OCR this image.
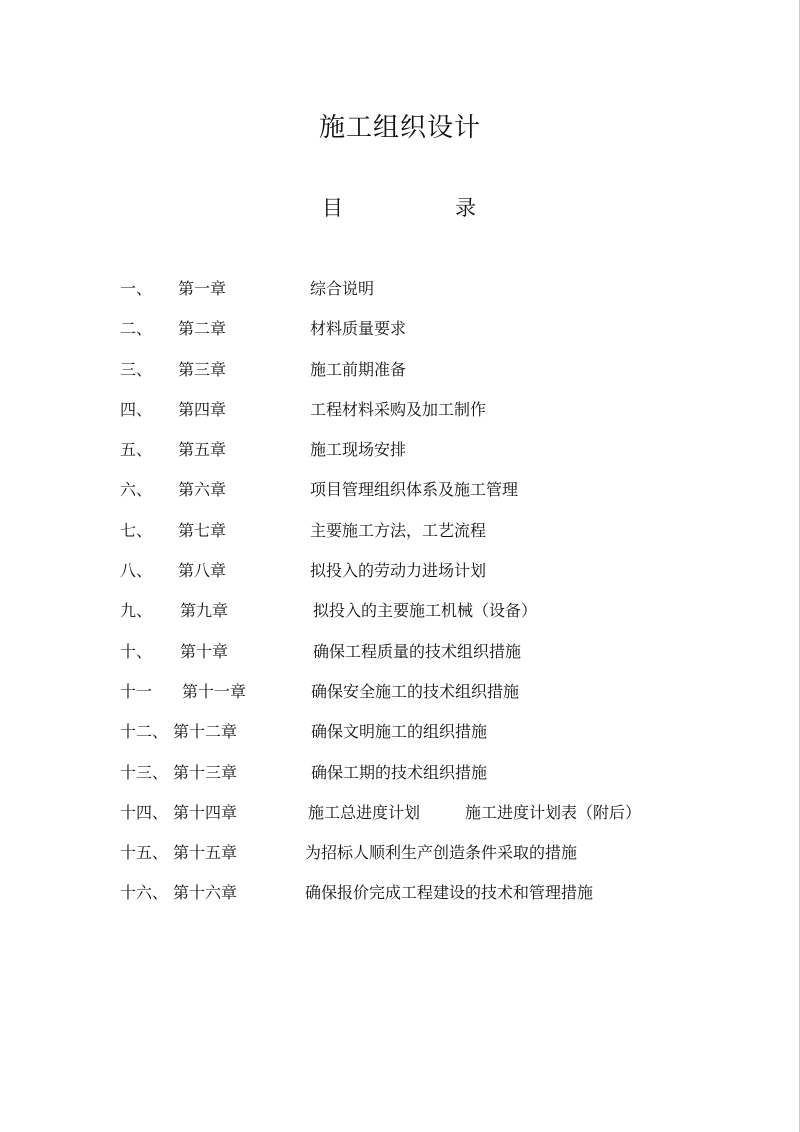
施工组织设计
目	录
一、 第一章	综合说明
二、 第二章	材料质量要求
三、 第三章	施工前期准备
四、 第四章	工程材料采购及加工制作
五、 第五章	施工现场安排
六、 第六章	项目管理组织体系及施工管理
七、 第七章	主要施工方法，工艺流程
八、 第八章	拟投入的劳动力进场计划
九、 第九章	拟投入的主要施工机械（设备）
十、 第十章	确保工程质量的技术组织措施
十一 第十一章	确保安全施工的技术组织措施
十二、 第十二章	确保文明施工的组织措施
十三、 第十三章	确保工期的技术组织措施
十四、 第十四章	施工总进度计划	施工进度计划表（附后）
十五、 第十五章	为招标人顺利生产创造条件采取的措施
十六、 第十六章	确保报价完成工程建设的技术和管理措施
